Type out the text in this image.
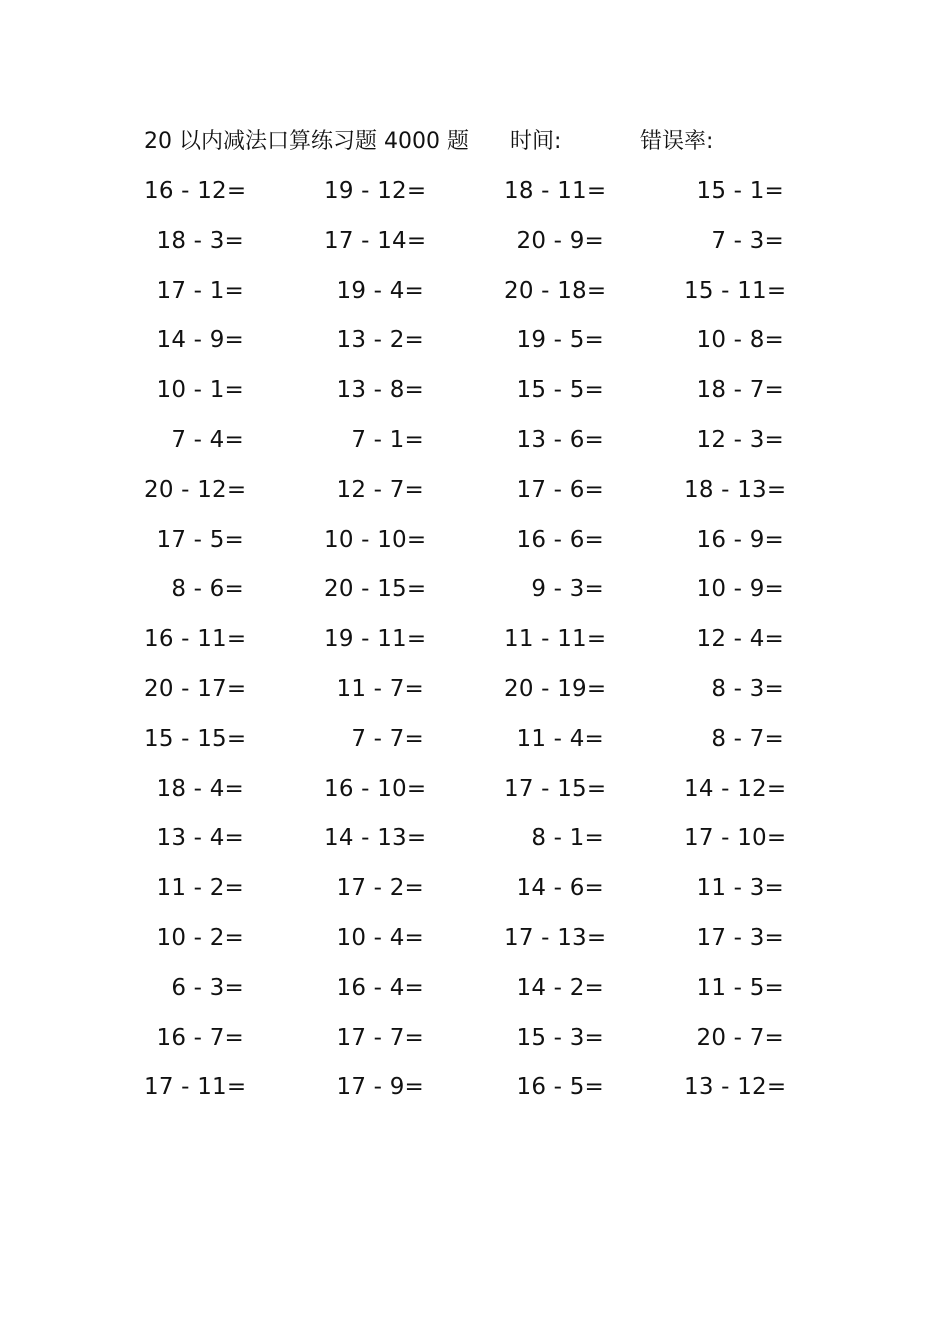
20 以内减法口算练习题 4000 题 时间:	错误率:
16 - 12=	19 - 12=	18 - 11=	15 - 1=
18 - 3=	17 - 14=	20 - 9=	7 - 3=
17 - 1=	19 - 4=	20 - 18=	15 - 11=
14 - 9=	13 - 2=	19 - 5=	10 - 8=
10 - 1=	13 - 8=	15 - 5=	18 - 7=
7 - 4=	7 - 1=	13 - 6=	12 - 3=
20 - 12=	12 - 7=	17 - 6=	18 - 13=
17 - 5=	10 - 10=	16 - 6=	16 - 9=
8 - 6=	20 - 15=	9 - 3=	10 - 9=
16 - 11=	19 - 11=	11 - 11=	12 - 4=
20 - 17=	11 - 7=	20 - 19=	8 - 3=
15 - 15=	7 - 7=	11 - 4=	8 - 7=
18 - 4=	16 - 10=	17 - 15=	14 - 12=
13 - 4=	14 - 13=	8 - 1=	17 - 10=
11 - 2=	17 - 2=	14 - 6=	11 - 3=
10 - 2=	10 - 4=	17 - 13=	17 - 3=
6 - 3=	16 - 4=	14 - 2=	11 - 5=
16 - 7=	17 - 7=	15 - 3=	20 - 7=
17 - 11=	17 - 9=	16 - 5=	13 - 12=
